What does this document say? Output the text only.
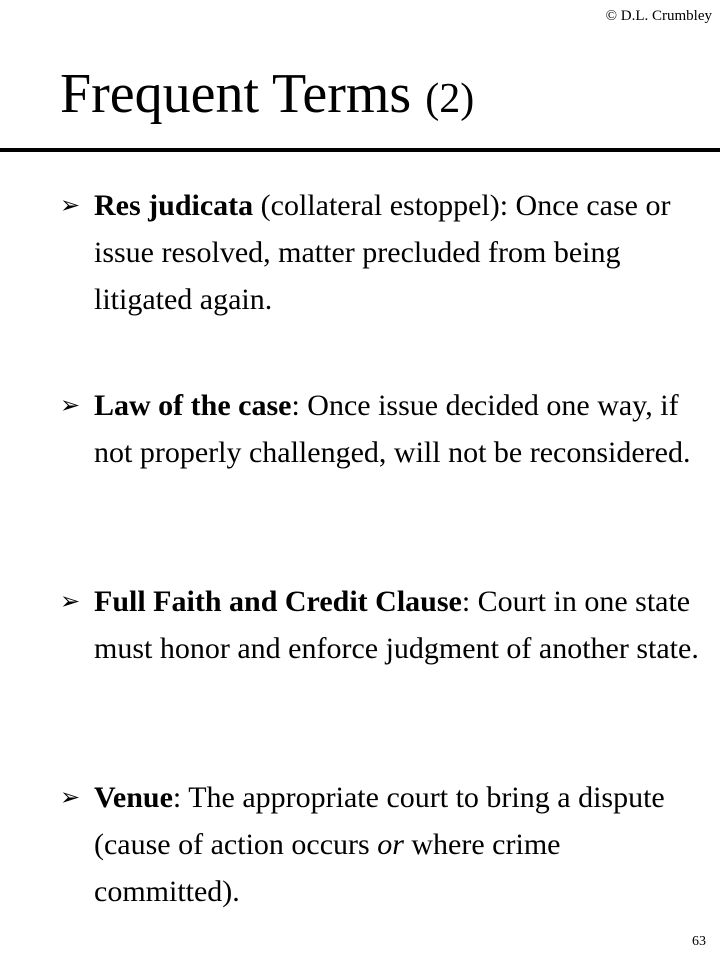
© D.L. Crumbley
Frequent Terms (2)
➢ Res judicata (collateral estoppel): Once case or issue resolved, matter precluded from being litigated again.
➢ Law of the case: Once issue decided one way, if not properly challenged, will not be reconsidered.
➢ Full Faith and Credit Clause: Court in one state must honor and enforce judgment of another state.
➢ Venue: The appropriate court to bring a dispute (cause of action occurs or where crime committed).
63
